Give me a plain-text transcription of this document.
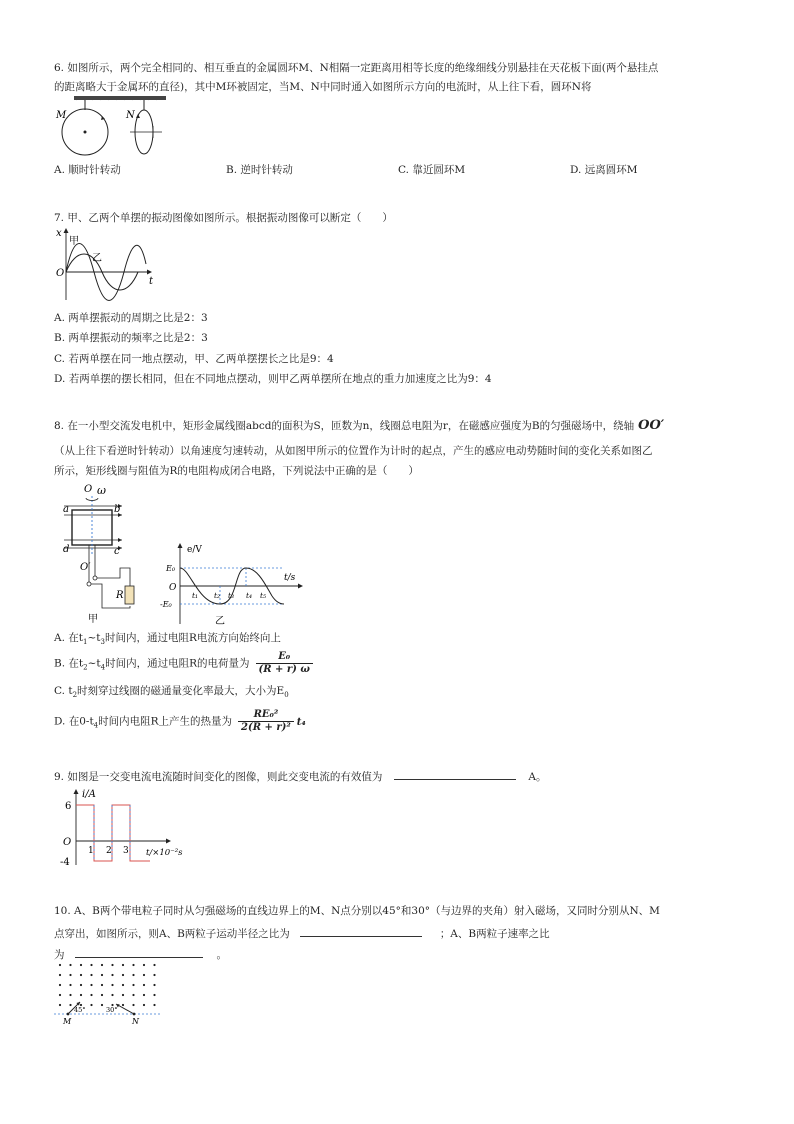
6. 如图所示，两个完全相同的、相互垂直的金属圆环M、N相隔一定距离用相等长度的绝缘细线分别悬挂在天花板下面(两个悬挂点
的距离略大于金属环的直径)，其中M环被固定，当M、N中同时通入如图所示方向的电流时，从上往下看，圆环N将
M	N
A. 顺时针转动	B. 逆时针转动	C. 靠近圆环M	D. 远离圆环M
7. 甲、乙两个单摆的振动图像如图所示。根据振动图像可以断定（　　）
x
t
O
甲
乙
A. 两单摆振动的周期之比是2：3
B. 两单摆振动的频率之比是2：3
C. 若两单摆在同一地点摆动，甲、乙两单摆摆长之比是9：4
D. 若两单摆的摆长相同，但在不同地点摆动，则甲乙两单摆所在地点的重力加速度之比为9：4
8. 在一小型交流发电机中，矩形金属线圈abcd的面积为S，匝数为n，线圈总电阻为r，在磁感应强度为B的匀强磁场中，绕轴 OO′
（从上往下看逆时针转动）以角速度匀速转动，从如图甲所示的位置作为计时的起点，产生的感应电动势随时间的变化关系如图乙
所示，矩形线圈与阻值为R的电阻构成闭合电路，下列说法中正确的是（　　）
O ω
a	b
c
d
O′
R
甲
e/V
t/s
E₀
O
-E₀
t₁ t₂ t₃ t₄ t₅
乙
A. 在$t_1\sim t_3$时间内，通过电阻R电流方向始终向上
B. 在$t_2\sim t_4$时间内，通过电阻R的电荷量为 $\frac{\text{E₀}}{(R + r) \omega}$
C. $t_2$时刻穿过线圈的磁通量变化率最大，大小为$E_0$
D. 在$0-t_4$时间内电阻R上产生的热量为 $\frac{\text{RE₀²}}{\text{2(R + r)²}} t_4$
9. 如图是一交变电流电流随时间变化的图像，则此交变电流的有效值为	A。
i/A
t/×10⁻²s
6
O
-4
1 2 3
10. A、B两个带电粒子同时从匀强磁场的直线边界上的M、N点分别以45°和30°（与边界的夹角）射入磁场，又同时分别从N、M
点穿出，如图所示，则A、B两粒子运动半径之比为	；A、B两粒子速率之比
为	。
45°	30°
M	N
